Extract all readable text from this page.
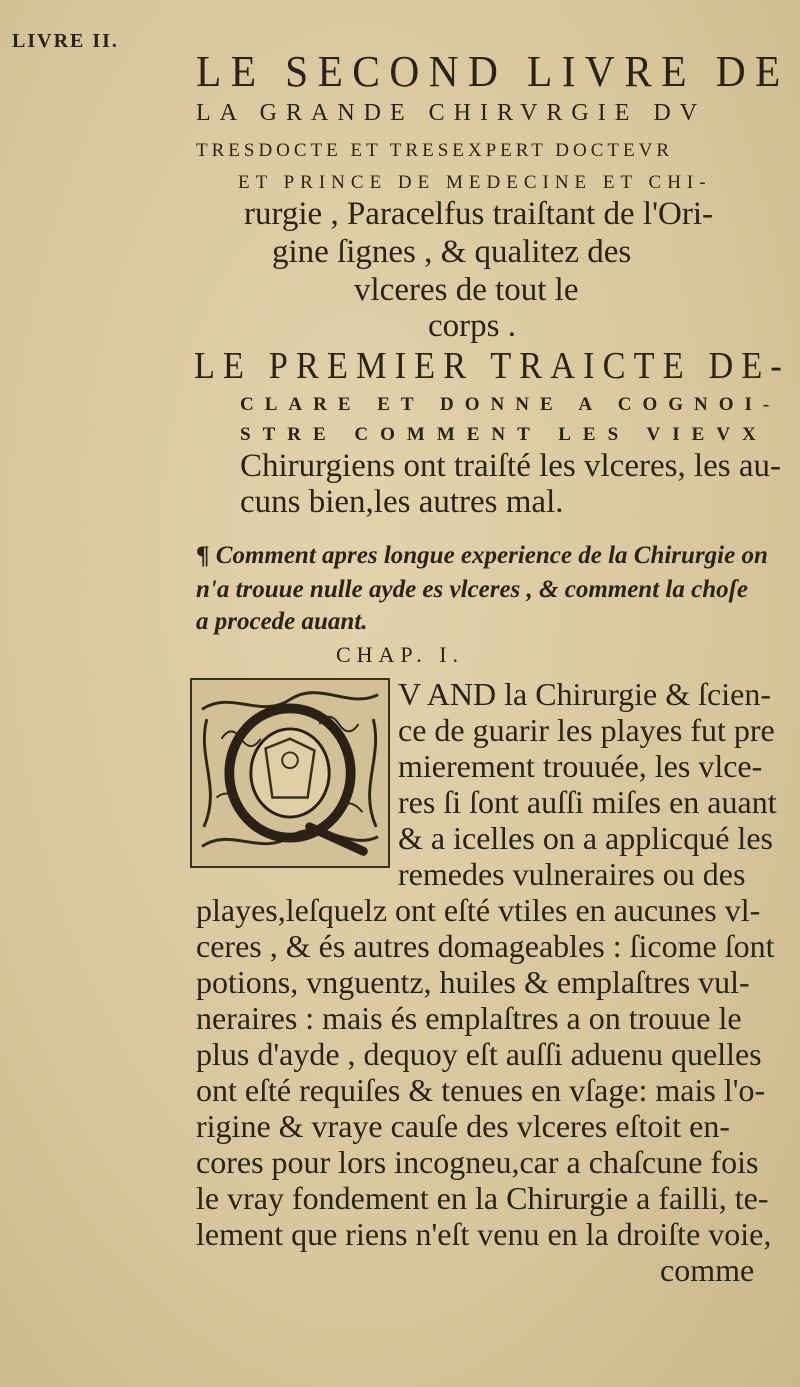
LIVRE II.
LE SECOND LIVRE DE
LA GRANDE CHIRVRGIE DV
TRESDOCTE ET TRESEXPERT DOCTEVR
ET PRINCE DE MEDECINE ET CHI-
rurgie , Paracelfus traiſtant de l'Ori-
gine ſignes , & qualitez des
vlceres de tout le
corps .
LE PREMIER TRAICTE DE-
CLARE ET DONNE A COGNOI-
STRE COMMENT LES VIEVX
Chirurgiens ont traiſté les vlceres, les au-
cuns bien,les autres mal.
¶ Comment apres longue experience de la Chirurgie on
n'a trouue nulle ayde es vlceres , & comment la choſe
a procede auant.
CHAP. I.
V AND la Chirurgie & ſcien-
ce de guarir les playes fut pre
mierement trouuée, les vlce-
res ſi ſont auſſi miſes en auant
& a icelles on a applicqué les
remedes vulneraires ou des
playes,leſquelz ont eſté vtiles en aucunes vl-
ceres , & és autres domageables : ſicome ſont
potions, vnguentz, huiles & emplaſtres vul-
neraires : mais és emplaſtres a on trouue le
plus d'ayde , dequoy eſt auſſi aduenu quelles
ont eſté requiſes & tenues en vſage: mais l'o-
rigine & vraye cauſe des vlceres eſtoit en-
cores pour lors incogneu,car a chaſcune fois
le vray fondement en la Chirurgie a failli, te-
lement que riens n'eſt venu en la droiſte voie,
comme
